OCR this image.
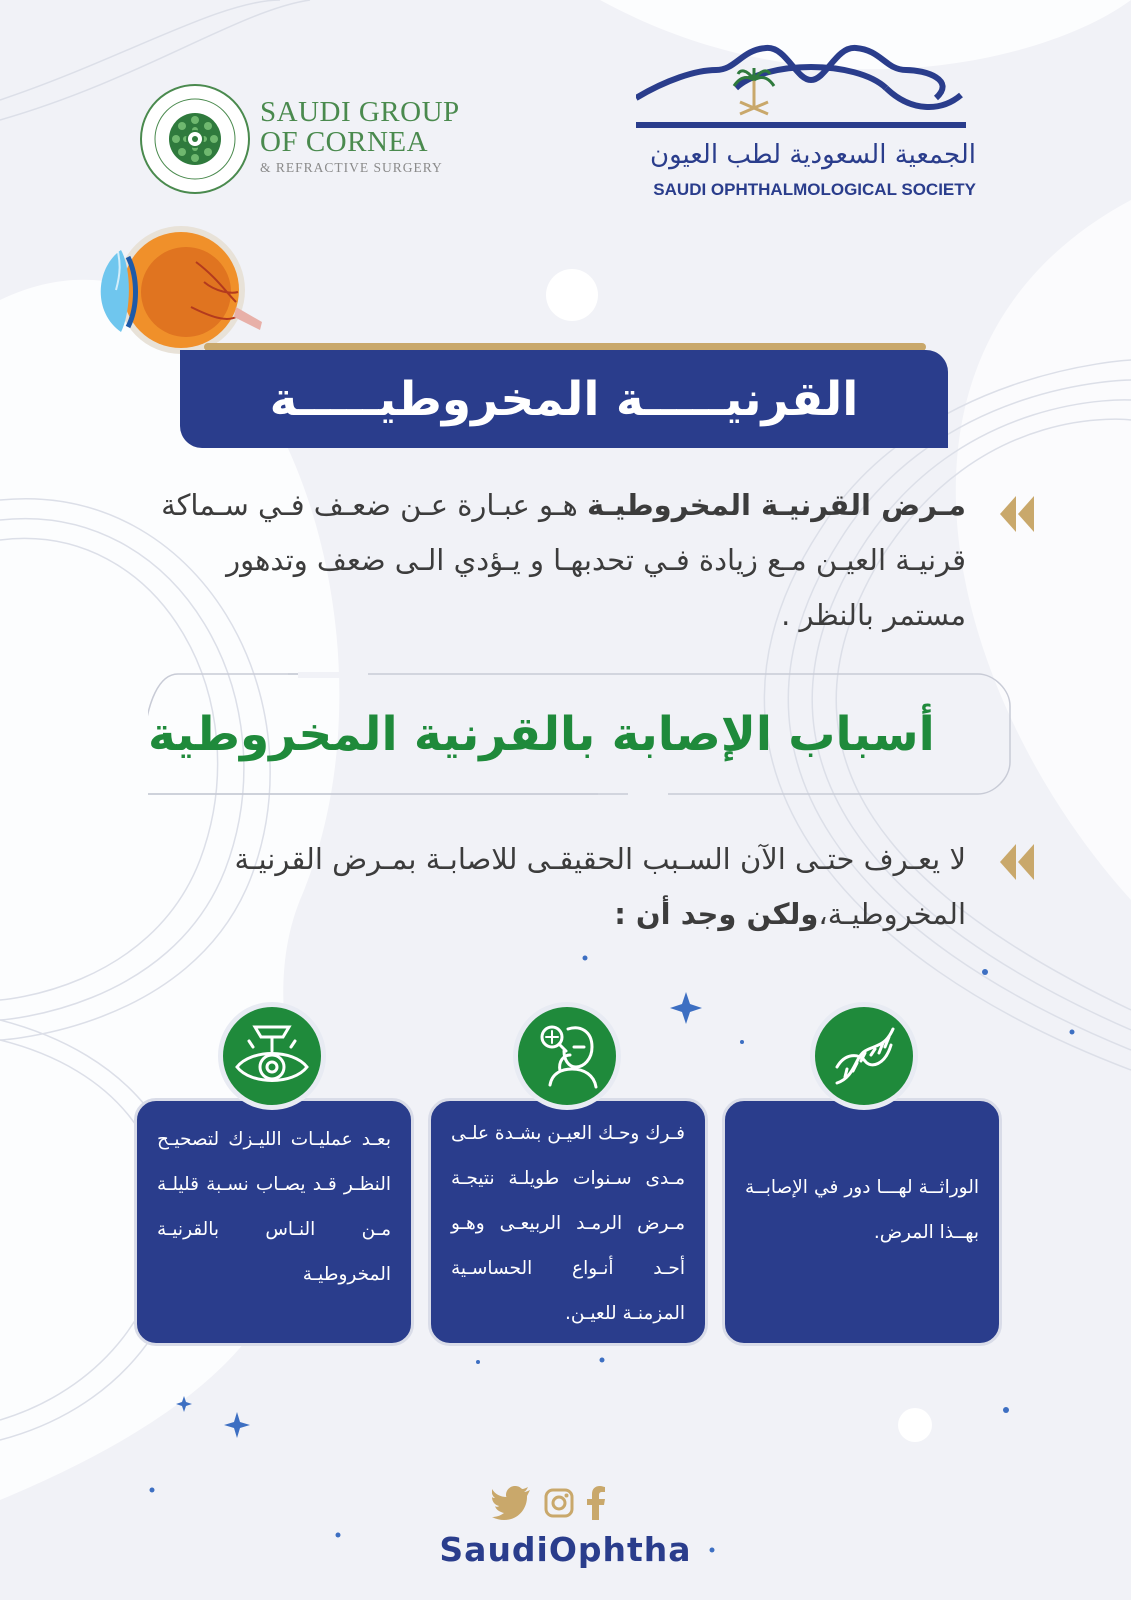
SAUDI GROUP
OF CORNEA
& REFRACTIVE SURGERY	الجمعية السعودية لطب العيون
SAUDI OPHTHALMOLOGICAL SOCIETY
القرنيـــــة المخروطيـــــة
مـرض القرنيـة المخروطيـة هـو عبـارة عـن ضعـف فـي سـماكة قرنيـة العيـن مـع زيادة فـي تحدبهـا و يـؤدي الـى ضعف وتدهور مستمر بالنظر .
أسباب الإصابة بالقرنية المخروطية
لا يعـرف حتـى الآن السـبب الحقيقـى للاصابـة بمـرض القرنيـة المخروطيـة،ولكن وجد أن :
الوراثــة لهـــا دور في الإصابــة بهــذا المرض.
فـرك وحـك العيـن بشـدة علـى مـدى سـنوات طويلـة نتيجـة مـرض الرمـد الربيعـى وهـو أحـد أنـواع الحساسـية المزمنـة للعيـن.
بعـد عمليـات الليـزك لتصحيـح النظـر قـد يصـاب نسـبة قليلـة مـن النـاس بالقرنيـة المخروطيـة
SaudiOphtha
